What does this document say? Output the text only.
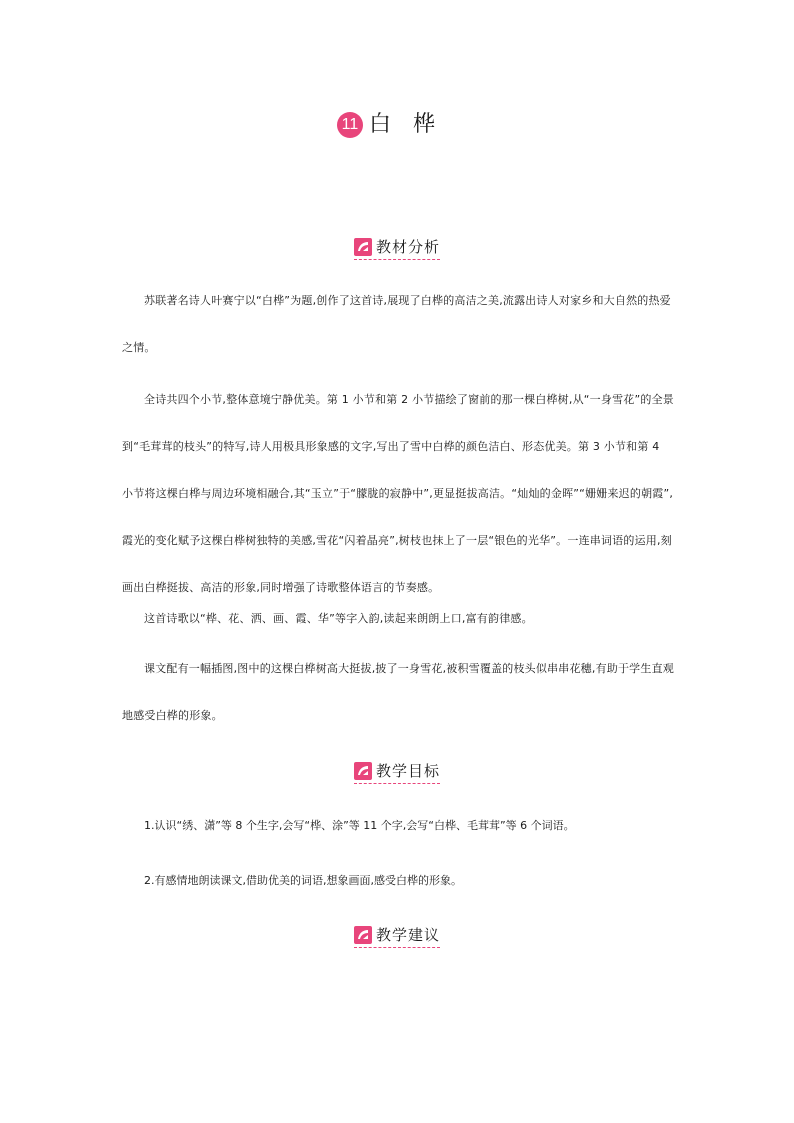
11 白桦
教材分析

苏联著名诗人叶赛宁以“白桦”为题,创作了这首诗,展现了白桦的高洁之美,流露出诗人对家乡和大自然的热爱之情。

全诗共四个小节,整体意境宁静优美。第 1 小节和第 2 小节描绘了窗前的那一棵白桦树,从“一身雪花”的全景到“毛茸茸的枝头”的特写,诗人用极具形象感的文字,写出了雪中白桦的颜色洁白、形态优美。第 3 小节和第 4 小节将这棵白桦与周边环境相融合,其“玉立”于“朦胧的寂静中”,更显挺拔高洁。“灿灿的金晖”“姗姗来迟的朝霞”,霞光的变化赋予这棵白桦树独特的美感,雪花“闪着晶亮”,树枝也抹上了一层“银色的光华”。一连串词语的运用,刻画出白桦挺拔、高洁的形象,同时增强了诗歌整体语言的节奏感。

这首诗歌以“桦、花、洒、画、霞、华”等字入韵,读起来朗朗上口,富有韵律感。

课文配有一幅插图,图中的这棵白桦树高大挺拔,披了一身雪花,被积雪覆盖的枝头似串串花穗,有助于学生直观地感受白桦的形象。

教学目标

1.认识“绣、潇”等 8 个生字,会写“桦、涂”等 11 个字,会写“白桦、毛茸茸”等 6 个词语。

2.有感情地朗读课文,借助优美的词语,想象画面,感受白桦的形象。

教学建议
